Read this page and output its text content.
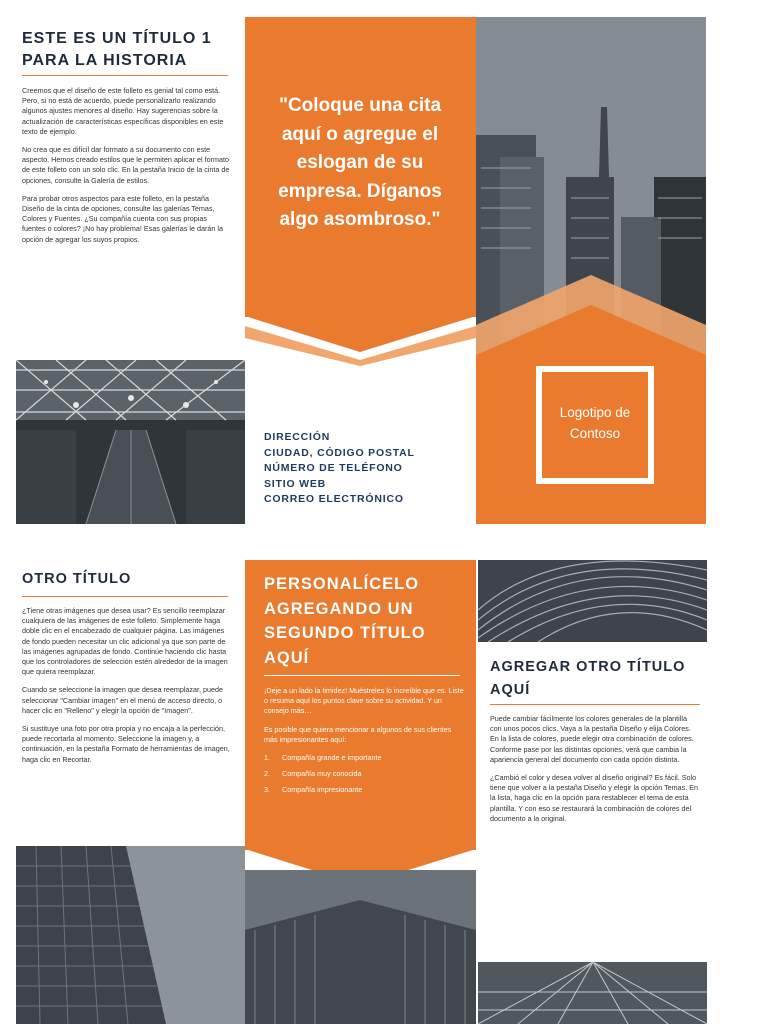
ESTE ES UN TÍTULO 1 PARA LA HISTORIA

Creemos que el diseño de este folleto es genial tal como está. Pero, si no está de acuerdo, puede personalizarlo realizando algunos ajustes menores al diseño. Hay sugerencias sobre la actualización de características específicas disponibles en este texto de ejemplo.

No crea que es difícil dar formato a su documento con este aspecto. Hemos creado estilos que le permiten aplicar el formato de este folleto con un solo clic. En la pestaña Inicio de la cinta de opciones, consulte la Galería de estilos.

Para probar otros aspectos para este folleto, en la pestaña Diseño de la cinta de opciones, consulte las galerías Temas, Colores y Fuentes. ¿Su compañía cuenta con sus propias fuentes o colores? ¡No hay problema! Esas galerías le darán la opción de agregar los suyos propios.

"Coloque una cita aquí o agregue el eslogan de su empresa. Díganos algo asombroso."
DIRECCIÓN
CIUDAD, CÓDIGO POSTAL
NÚMERO DE TELÉFONO
SITIO WEB
CORREO ELECTRÓNICO
Logotipo de Contoso
OTRO TÍTULO

¿Tiene otras imágenes que desea usar? Es sencillo reemplazar cualquiera de las imágenes de este folleto. Simplemente haga doble clic en el encabezado de cualquier página. Las imágenes de fondo pueden necesitar un clic adicional ya que son parte de las imágenes agrupadas de fondo. Continúe haciendo clic hasta que los controladores de selección estén alrededor de la imagen que quiera reemplazar.

Cuando se seleccione la imagen que desea reemplazar, puede seleccionar "Cambiar imagen" en el menú de acceso directo, o hacer clic en "Relleno" y elegir la opción de "Imagen".

Si sustituye una foto por otra propia y no encaja a la perfección, puede recortarla al momento. Seleccione la imagen y, a continuación, en la pestaña Formato de herramientas de imagen, haga clic en Recortar.

PERSONALÍCELO AGREGANDO UN SEGUNDO TÍTULO AQUÍ

¡Deje a un lado la timidez! Muéstreles lo increíble que es. Liste o resuma aquí los puntos clave sobre su actividad. Y un consejo más…

Es posible que quiera mencionar a algunos de sus clientes más impresionantes aquí:

1. Compañía grande e importante
2. Compañía muy conocida
3. Compañía impresionante
AGREGAR OTRO TÍTULO AQUÍ

Puede cambiar fácilmente los colores generales de la plantilla con unos pocos clics. Vaya a la pestaña Diseño y elija Colores. En la lista de colores, puede elegir otra combinación de colores. Conforme pase por las distintas opciones, verá que cambia la apariencia general del documento con cada opción distinta.

¿Cambió el color y desea volver al diseño original? Es fácil. Solo tiene que volver a la pestaña Diseño y elegir la opción Temas. En la lista, haga clic en la opción para restablecer el tema de esta plantilla. Y con eso se restaurará la combinación de colores del documento a la original.
